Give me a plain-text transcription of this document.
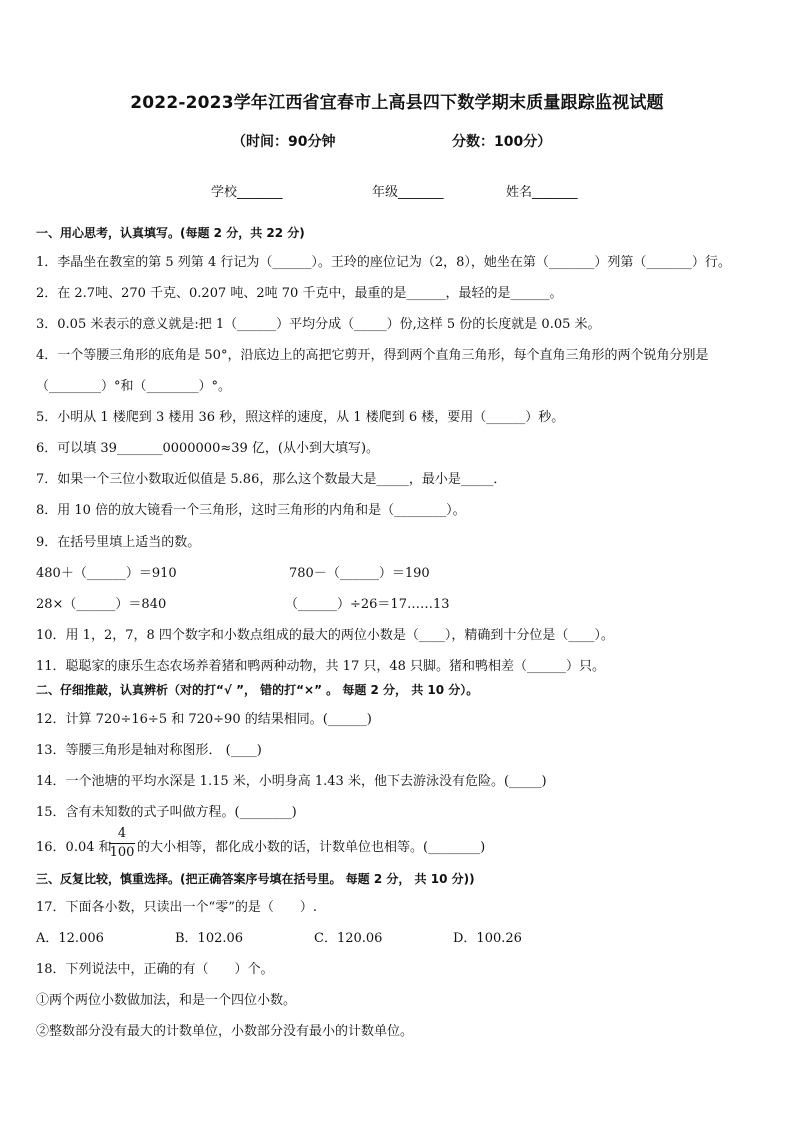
2022-2023学年江西省宜春市上高县四下数学期末质量跟踪监视试题
（时间：90分钟	分数：100分）
学校_______	年级_______	姓名_______
一、用心思考，认真填写。(每题 2 分，共 22 分)
1．李晶坐在教室的第 5 列第 4 行记为（______）。王玲的座位记为（2，8），她坐在第（_______）列第（_______）行。
2．在 2.7吨、270 千克、0.207 吨、2吨 70 千克中，最重的是______，最轻的是______。
3．0.05 米表示的意义就是:把 1（______）平均分成（_____）份,这样 5 份的长度就是 0.05 米。
4．一个等腰三角形的底角是 50°，沿底边上的高把它剪开，得到两个直角三角形，每个直角三角形的两个锐角分别是
（________）°和（________）°。
5．小明从 1 楼爬到 3 楼用 36 秒，照这样的速度，从 1 楼爬到 6 楼，要用（______）秒。
6．可以填 39_______0000000≈39 亿，(从小到大填写)。
7．如果一个三位小数取近似值是 5.86，那么这个数最大是_____，最小是_____．
8．用 10 倍的放大镜看一个三角形，这时三角形的内角和是（________）。
9．在括号里填上适当的数。
480＋（______）＝910	780－（______）＝190
28×（______）＝840	（______）÷26＝17……13
10．用 1，2，7，8 四个数字和小数点组成的最大的两位小数是（____），精确到十分位是（____）。
11．聪聪家的康乐生态农场养着猪和鸭两种动物，共 17 只，48 只脚。猪和鸭相差（______）只。
二、仔细推敲，认真辨析（对的打“√ ”， 错的打“×” 。 每题 2 分， 共 10 分）。
12．计算 720÷16÷5 和 720÷90 的结果相同。(______)
13．等腰三角形是轴对称图形． (____)
14．一个池塘的平均水深是 1.15 米，小明身高 1.43 米，他下去游泳没有危险。(_____)
15．含有未知数的式子叫做方程。(________)
16．0.04 和
4
100 的大小相等，都化成小数的话，计数单位也相等。(________)
三、反复比较，慎重选择。(把正确答案序号填在括号里。 每题 2 分， 共 10 分))
17．下面各小数，只读出一个“零”的是（　　）.
A．12.006	B．102.06	C．120.06	D．100.26
18．下列说法中，正确的有（　　）个。
①两个两位小数做加法，和是一个四位小数。
②整数部分没有最大的计数单位，小数部分没有最小的计数单位。
